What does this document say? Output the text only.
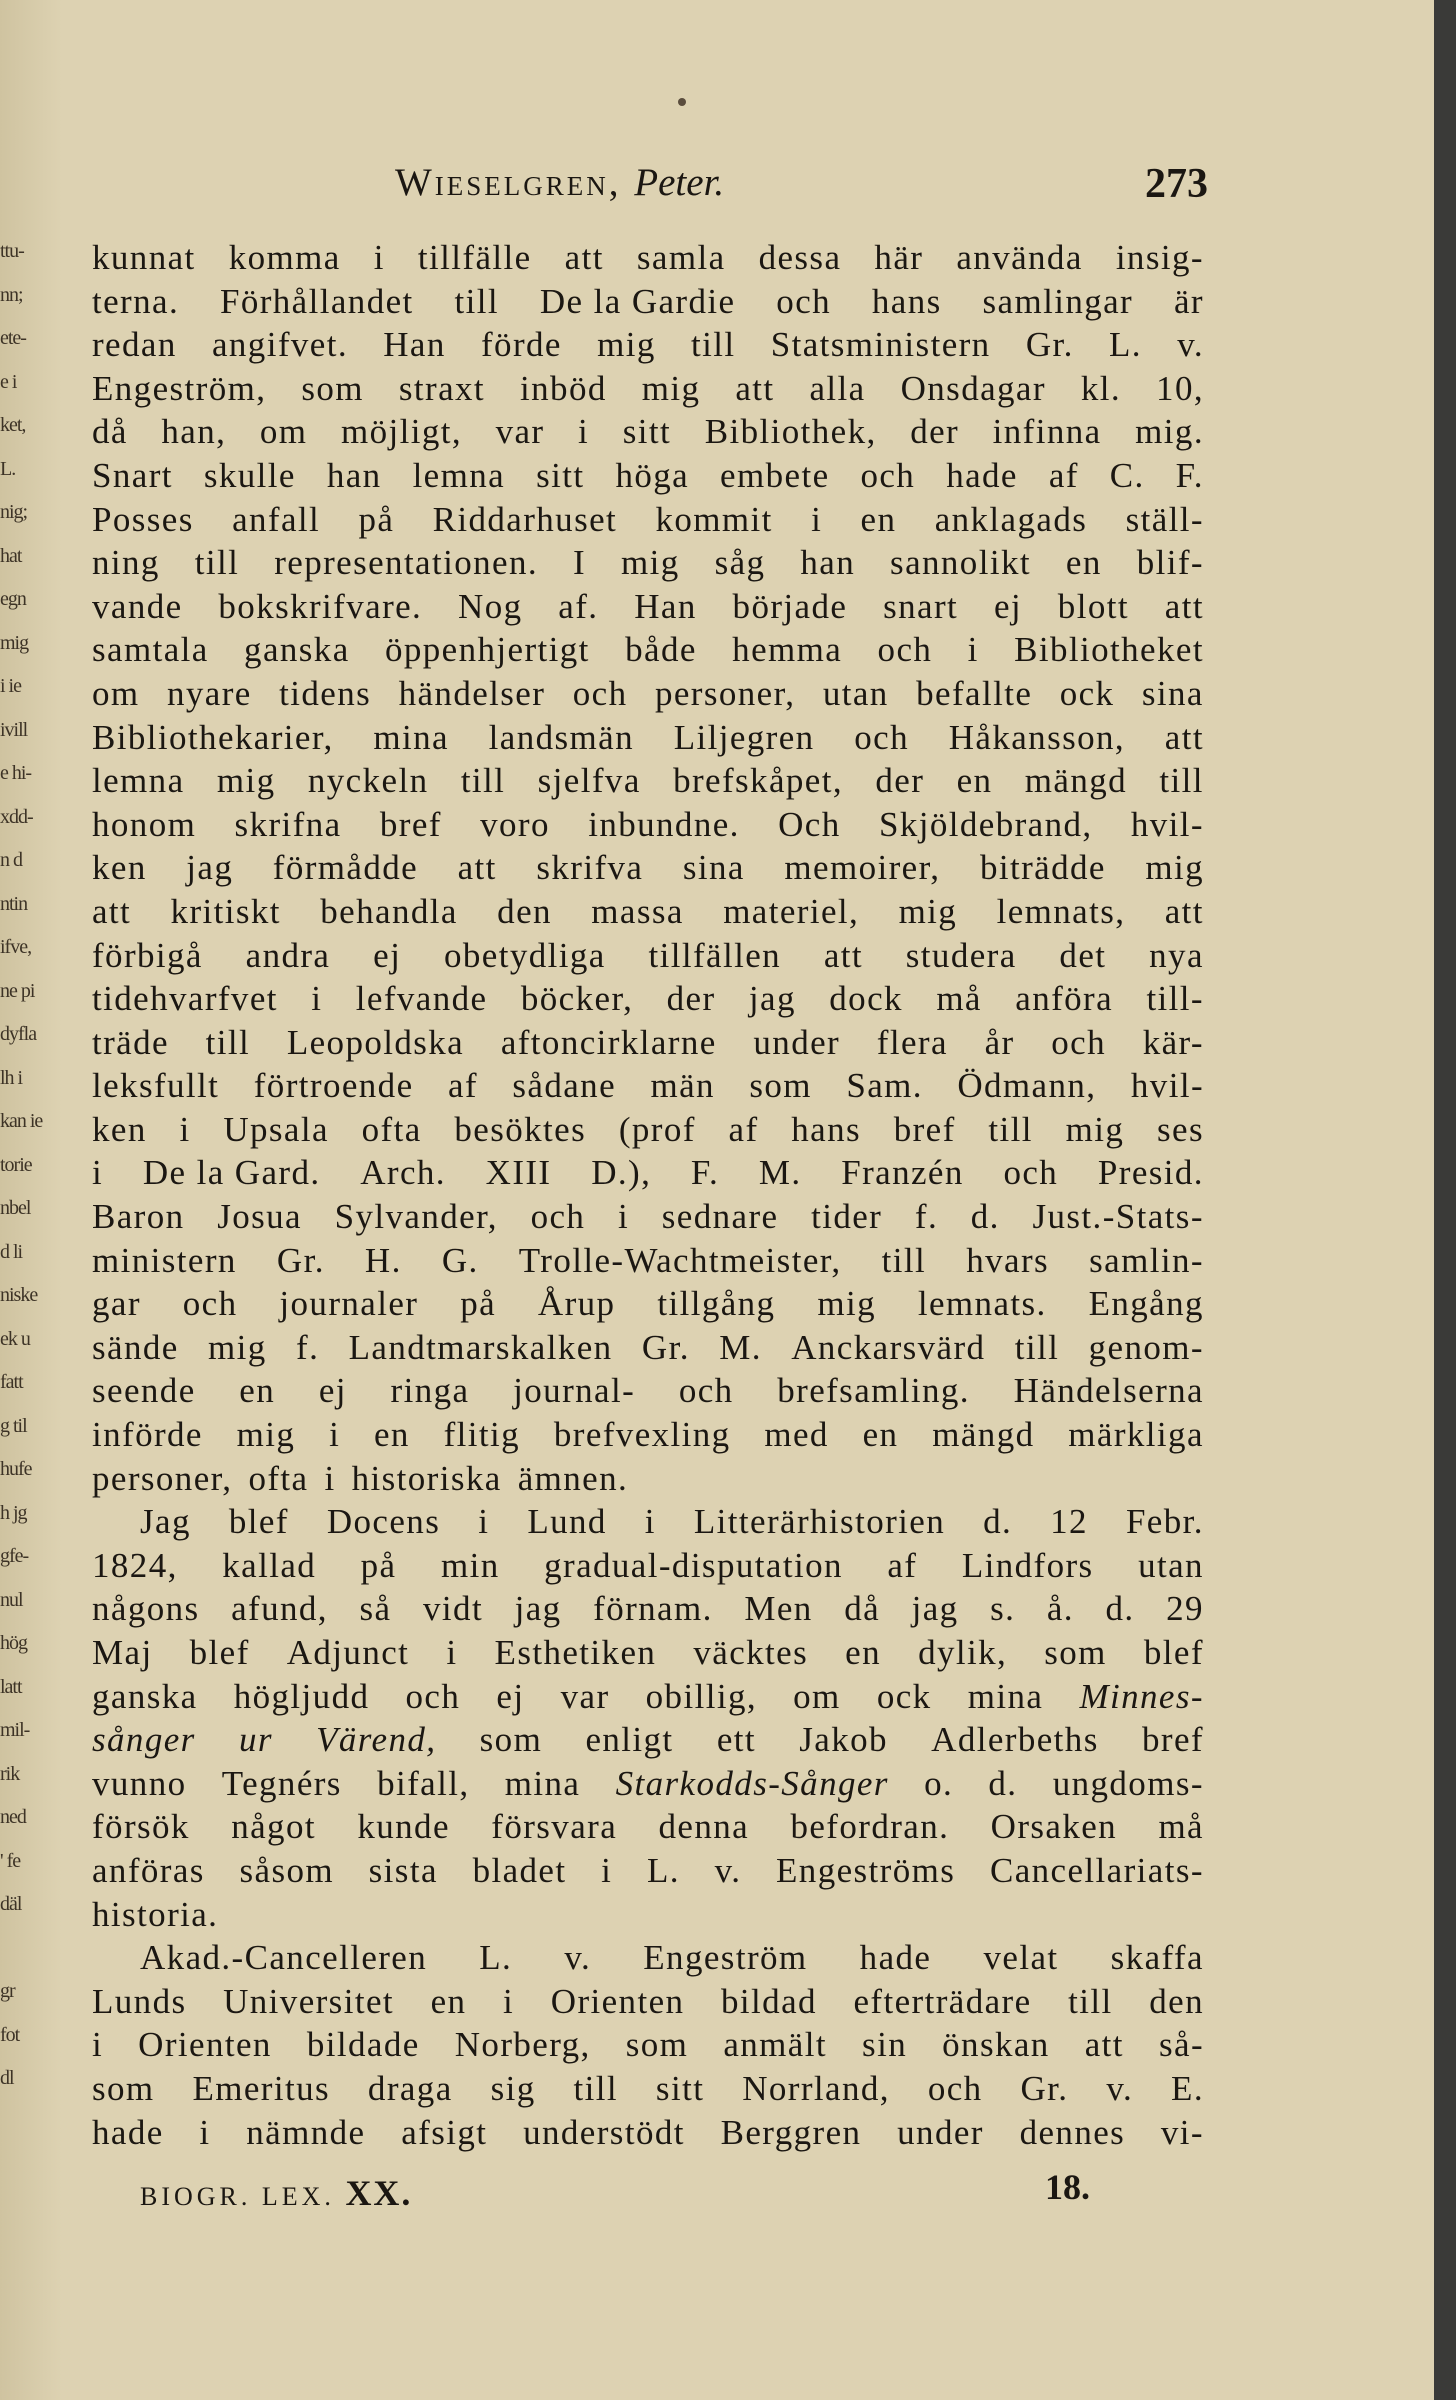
ttu-
nn;
ete-
e i
ket,
L.
nig;
hat
egn
mig
i ie
ivill
e hi-
xdd-
n d
ntin
ifve,
ne pi
dyfla
lh i
kan ie
torie
nbel
d li
niske
ek u
fatt
g til
hufe
h jg
gfe-
nul
hög
latt
mil-
rik
ned
' fe
däl
gr
fot
dl
Wieselgren, Peter.	273
kunnat komma i tillfälle att samla dessa här använda insig-
terna. Förhållandet till De la Gardie och hans samlingar är
redan angifvet. Han förde mig till Statsministern Gr. L. v.
Engeström, som straxt inböd mig att alla Onsdagar kl. 10,
då han, om möjligt, var i sitt Bibliothek, der infinna mig.
Snart skulle han lemna sitt höga embete och hade af C. F.
Posses anfall på Riddarhuset kommit i en anklagads ställ-
ning till representationen. I mig såg han sannolikt en blif-
vande bokskrifvare. Nog af. Han började snart ej blott att
samtala ganska öppenhjertigt både hemma och i Bibliotheket
om nyare tidens händelser och personer, utan befallte ock sina
Bibliothekarier, mina landsmän Liljegren och Håkansson, att
lemna mig nyckeln till sjelfva brefskåpet, der en mängd till
honom skrifna bref voro inbundne. Och Skjöldebrand, hvil-
ken jag förmådde att skrifva sina memoirer, biträdde mig
att kritiskt behandla den massa materiel, mig lemnats, att
förbigå andra ej obetydliga tillfällen att studera det nya
tidehvarfvet i lefvande böcker, der jag dock må anföra till-
träde till Leopoldska aftoncirklarne under flera år och kär-
leksfullt förtroende af sådane män som Sam. Ödmann, hvil-
ken i Upsala ofta besöktes (prof af hans bref till mig ses
i De la Gard. Arch. XIII D.), F. M. Franzén och Presid.
Baron Josua Sylvander, och i sednare tider f. d. Just.-Stats-
ministern Gr. H. G. Trolle-Wachtmeister, till hvars samlin-
gar och journaler på Årup tillgång mig lemnats. Engång
sände mig f. Landtmarskalken Gr. M. Anckarsvärd till genom-
seende en ej ringa journal- och brefsamling. Händelserna
införde mig i en flitig brefvexling med en mängd märkliga
personer, ofta i historiska ämnen.
Jag blef Docens i Lund i Litterärhistorien d. 12 Febr.
1824, kallad på min gradual-disputation af Lindfors utan
någons afund, så vidt jag förnam. Men då jag s. å. d. 29
Maj blef Adjunct i Esthetiken väcktes en dylik, som blef
ganska högljudd och ej var obillig, om ock mina Minnes-
sånger ur Värend, som enligt ett Jakob Adlerbeths bref
vunno Tegnérs bifall, mina Starkodds-Sånger o. d. ungdoms-
försök något kunde försvara denna befordran. Orsaken må
anföras såsom sista bladet i L. v. Engeströms Cancellariats-
historia.
Akad.-Cancelleren L. v. Engeström hade velat skaffa
Lunds Universitet en i Orienten bildad efterträdare till den
i Orienten bildade Norberg, som anmält sin önskan att så-
som Emeritus draga sig till sitt Norrland, och Gr. v. E.
hade i nämnde afsigt understödt Berggren under dennes vi-
BIOGR. LEX. XX.	18.
